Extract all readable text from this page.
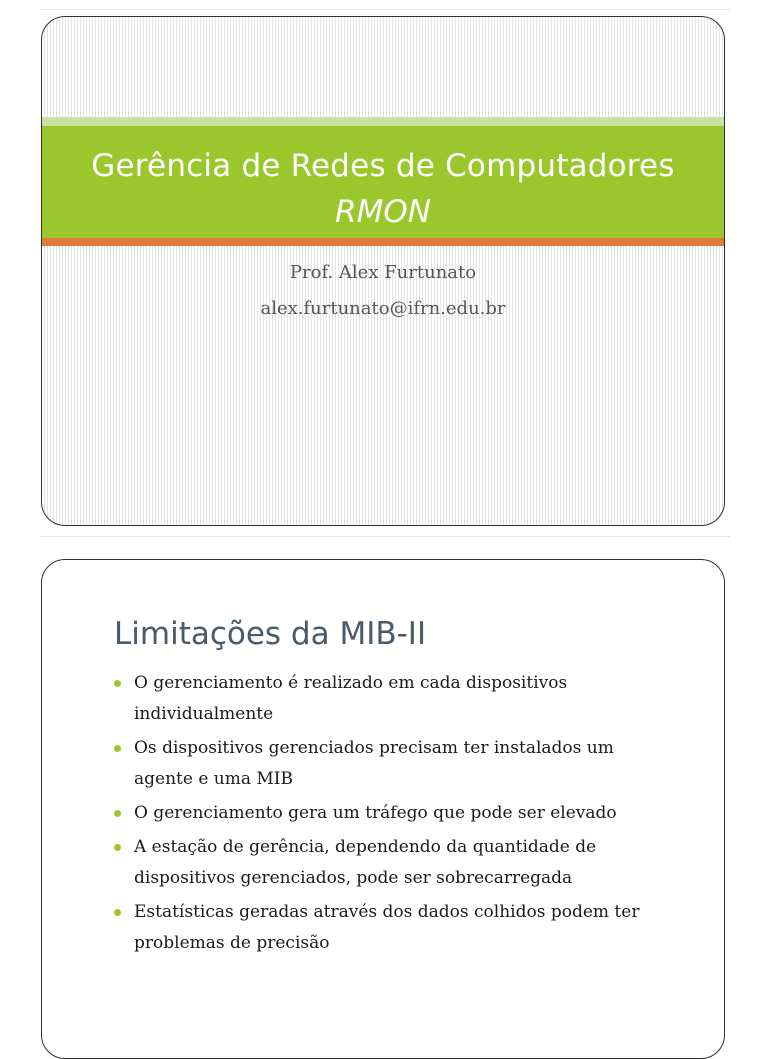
Gerência de Redes de Computadores
RMON
Prof. Alex Furtunato
alex.furtunato@ifrn.edu.br
Limitações da MIB-II
O gerenciamento é realizado em cada dispositivos individualmente
Os dispositivos gerenciados precisam ter instalados um agente e uma MIB
O gerenciamento gera um tráfego que pode ser elevado
A estação de gerência, dependendo da quantidade de dispositivos gerenciados, pode ser sobrecarregada
Estatísticas geradas através dos dados colhidos podem ter problemas de precisão
